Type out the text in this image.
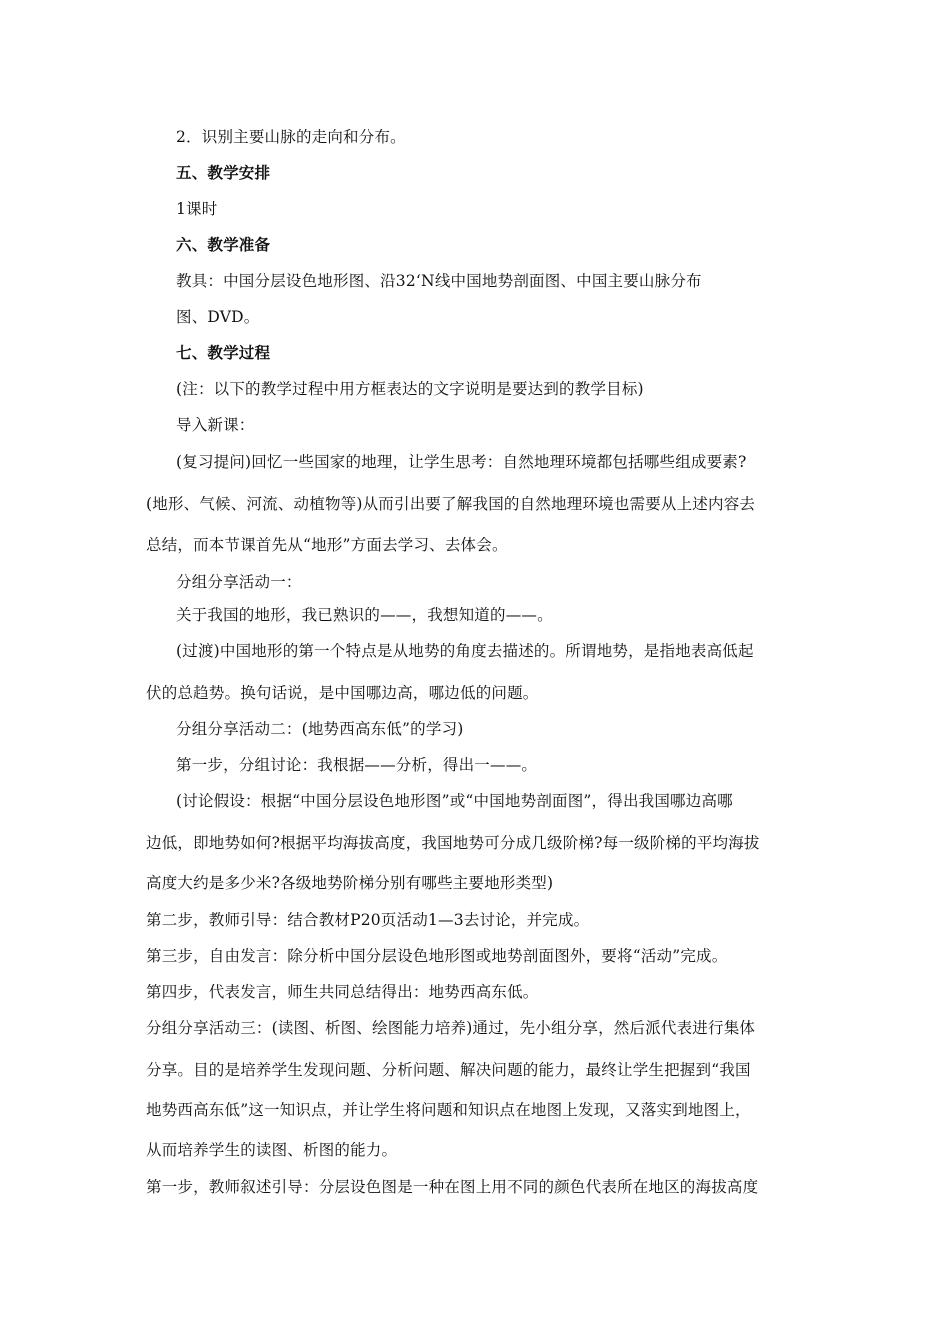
2．识别主要山脉的走向和分布。
五、教学安排
1课时
六、教学准备
教具：中国分层设色地形图、沿32‘N线中国地势剖面图、中国主要山脉分布
图、DVD。
七、教学过程
(注：以下的教学过程中用方框表达的文字说明是要达到的教学目标)
导入新课：
(复习提问)回忆一些国家的地理，让学生思考：自然地理环境都包括哪些组成要素?
(地形、气候、河流、动植物等)从而引出要了解我国的自然地理环境也需要从上述内容去
总结，而本节课首先从“地形”方面去学习、去体会。
分组分享活动一：
关于我国的地形，我已熟识的——，我想知道的——。
(过渡)中国地形的第一个特点是从地势的角度去描述的。所谓地势，是指地表高低起
伏的总趋势。换句话说，是中国哪边高，哪边低的问题。
分组分享活动二：(地势西高东低”的学习)
第一步，分组讨论：我根据——分析，得出一——。
(讨论假设：根据“中国分层设色地形图”或“中国地势剖面图”，得出我国哪边高哪
边低，即地势如何?根据平均海拔高度，我国地势可分成几级阶梯?每一级阶梯的平均海拔
高度大约是多少米?各级地势阶梯分别有哪些主要地形类型)
第二步，教师引导：结合教材P20页活动1—3去讨论，并完成。
第三步，自由发言：除分析中国分层设色地形图或地势剖面图外，要将“活动”完成。
第四步，代表发言，师生共同总结得出：地势西高东低。
分组分享活动三：(读图、析图、绘图能力培养)通过，先小组分享，然后派代表进行集体
分享。目的是培养学生发现问题、分析问题、解决问题的能力，最终让学生把握到“我国
地势西高东低”这一知识点，并让学生将问题和知识点在地图上发现，又落实到地图上，
从而培养学生的读图、析图的能力。
第一步，教师叙述引导：分层设色图是一种在图上用不同的颜色代表所在地区的海拔高度
